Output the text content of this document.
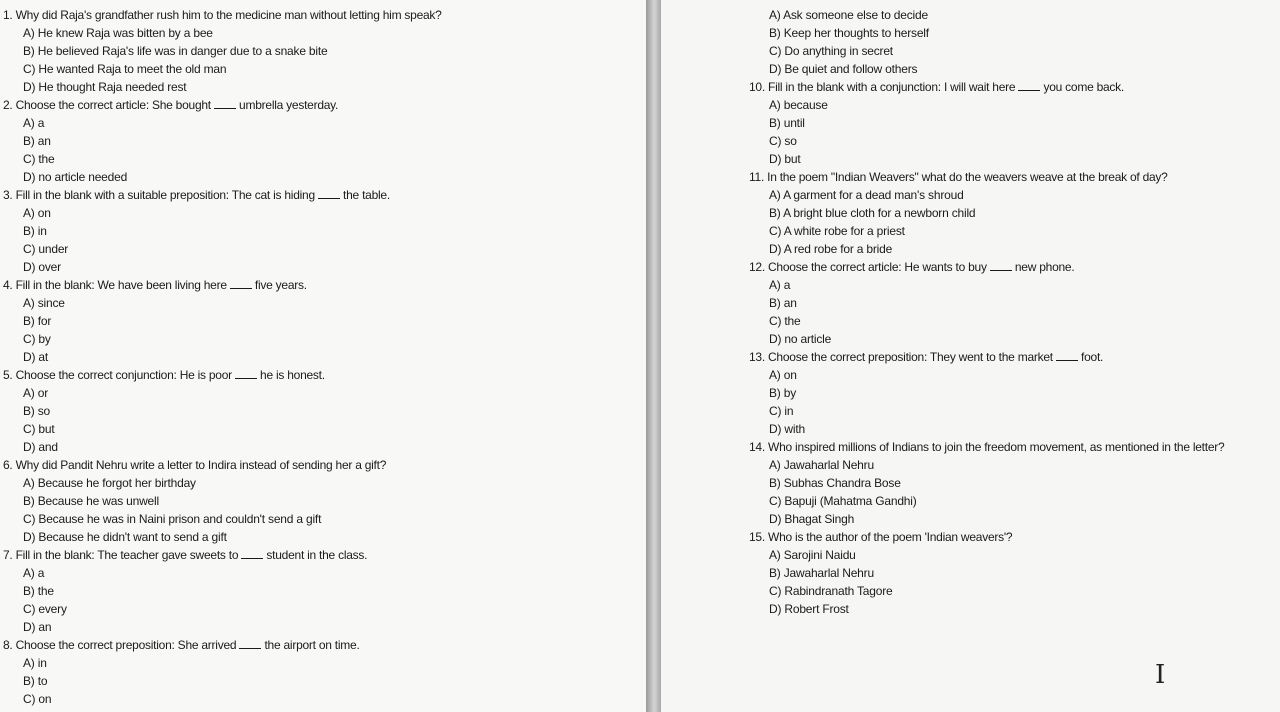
1. Why did Raja's grandfather rush him to the medicine man without letting him speak?
A) He knew Raja was bitten by a bee
B) He believed Raja's life was in danger due to a snake bite
C) He wanted Raja to meet the old man
D) He thought Raja needed rest
2. Choose the correct article: She bought  umbrella yesterday.
A) a
B) an
C) the
D) no article needed
3. Fill in the blank with a suitable preposition: The cat is hiding  the table.
A) on
B) in
C) under
D) over
4. Fill in the blank: We have been living here  five years.
A) since
B) for
C) by
D) at
5. Choose the correct conjunction: He is poor  he is honest.
A) or
B) so
C) but
D) and
6. Why did Pandit Nehru write a letter to Indira instead of sending her a gift?
A) Because he forgot her birthday
B) Because he was unwell
C) Because he was in Naini prison and couldn't send a gift
D) Because he didn't want to send a gift
7. Fill in the blank: The teacher gave sweets to  student in the class.
A) a
B) the
C) every
D) an
8. Choose the correct preposition: She arrived  the airport on time.
A) in
B) to
C) on
A) Ask someone else to decide
B) Keep her thoughts to herself
C) Do anything in secret
D) Be quiet and follow others
10. Fill in the blank with a conjunction: I will wait here  you come back.
A) because
B) until
C) so
D) but
11. In the poem "Indian Weavers" what do the weavers weave at the break of day?
A) A garment for a dead man's shroud
B) A bright blue cloth for a newborn child
C) A white robe for a priest
D) A red robe for a bride
12. Choose the correct article: He wants to buy  new phone.
A) a
B) an
C) the
D) no article
13. Choose the correct preposition: They went to the market  foot.
A) on
B) by
C) in
D) with
14. Who inspired millions of Indians to join the freedom movement, as mentioned in the letter?
A) Jawaharlal Nehru
B) Subhas Chandra Bose
C) Bapuji (Mahatma Gandhi)
D) Bhagat Singh
15. Who is the author of the poem 'Indian weavers'?
A) Sarojini Naidu
B) Jawaharlal Nehru
C) Rabindranath Tagore
D) Robert Frost
I
